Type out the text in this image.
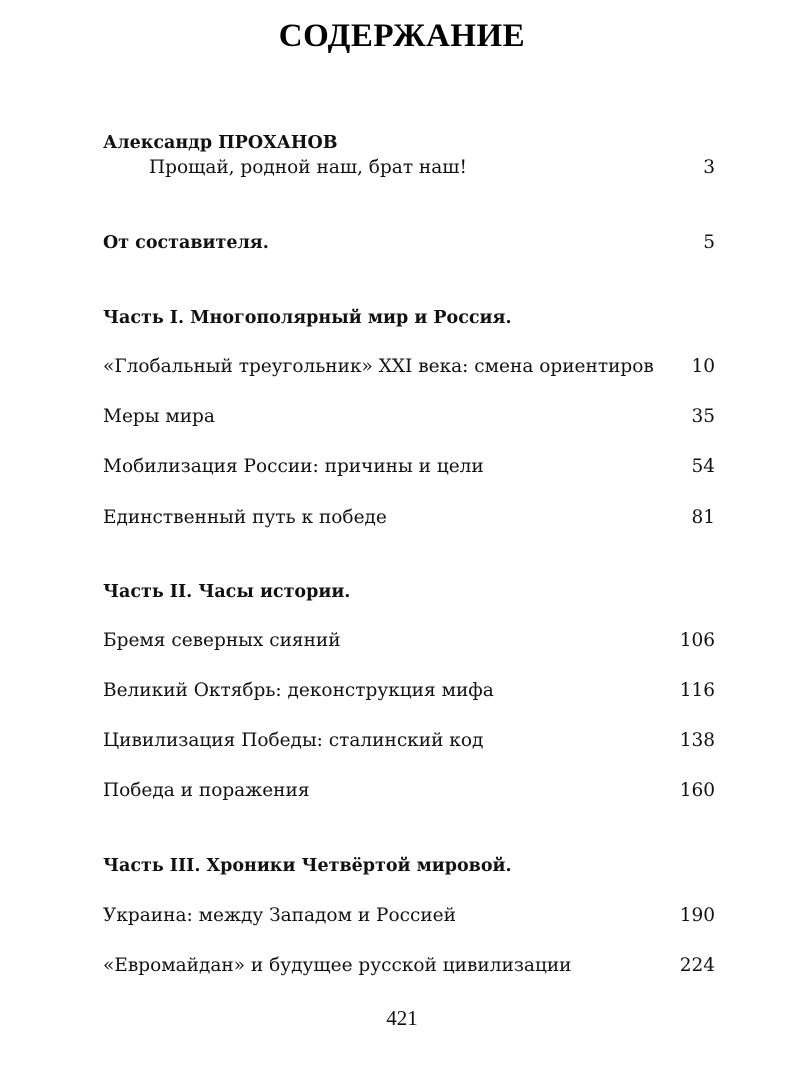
СОДЕРЖАНИЕ
Александр ПРОХАНОВ
Прощай, родной наш, брат наш!	3
От составителя.	5
Часть I. Многополярный мир и Россия.
«Глобальный треугольник» XXI века: смена ориентиров 10
Меры мира	35
Мобилизация России: причины и цели	54
Единственный путь к победе	81
Часть II. Часы истории.
Бремя северных сияний	106
Великий Октябрь: деконструкция мифа	116
Цивилизация Победы: сталинский код	138
Победа и поражения	160
Часть III. Хроники Четвёртой мировой.
Украина: между Западом и Россией	190
«Евромайдан» и будущее русской цивилизации	224
421
